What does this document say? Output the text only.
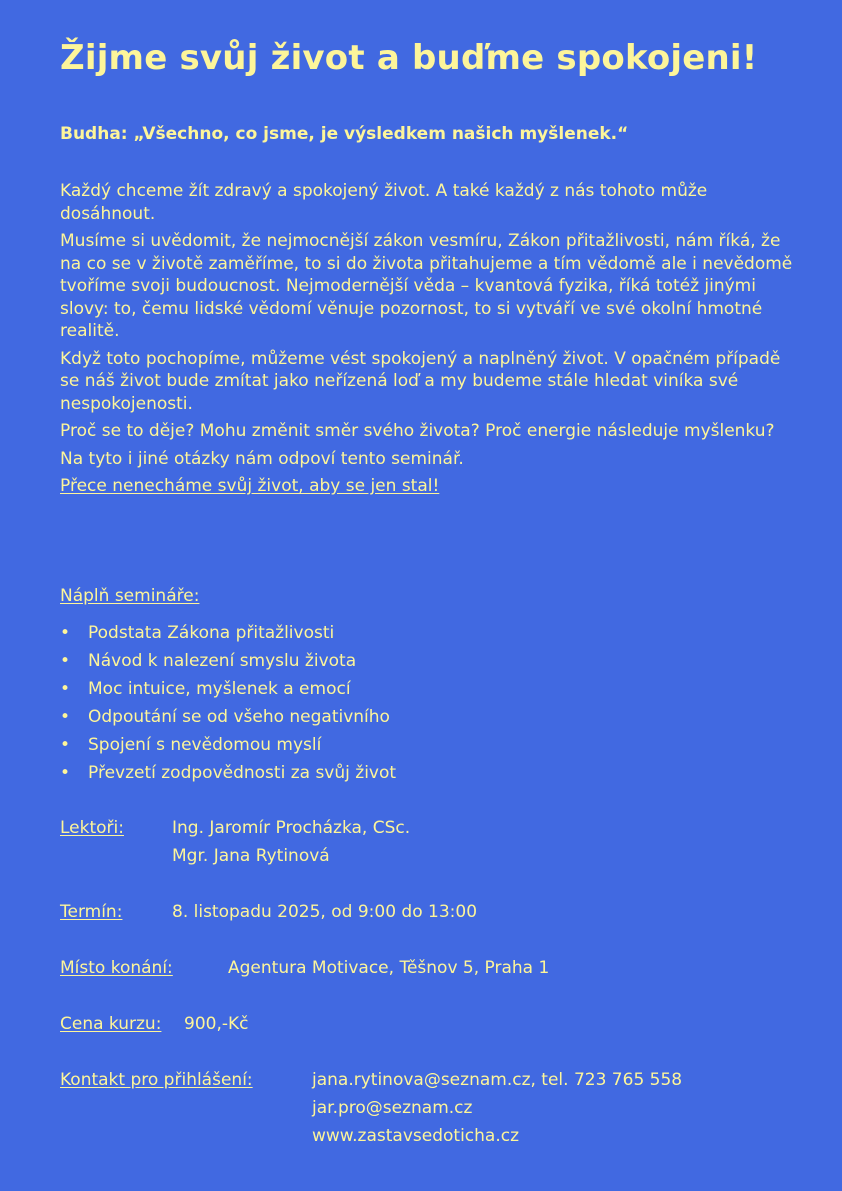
Žijme svůj život a buďme spokojeni!
Budha: „Všechno, co jsme, je výsledkem našich myšlenek.“

Každý chceme žít zdravý a spokojený život. A také každý z nás tohoto může dosáhnout.

Musíme si uvědomit, že nejmocnější zákon vesmíru, Zákon přitažlivosti, nám říká, že na co se v životě zaměříme, to si do života přitahujeme a tím vědomě ale i nevědomě tvoříme svoji budoucnost. Nejmodernější věda – kvantová fyzika, říká totéž jinými slovy: to, čemu lidské vědomí věnuje pozornost, to si vytváří ve své okolní hmotné realitě.

Když toto pochopíme, můžeme vést spokojený a naplněný život. V opačném případě se náš život bude zmítat jako neřízená loď a my budeme stále hledat viníka své nespokojenosti.

Proč se to děje? Mohu změnit směr svého života? Proč energie následuje myšlenku?

Na tyto i jiné otázky nám odpoví tento seminář.

Přece nenecháme svůj život, aby se jen stal!

Náplň semináře:
• Podstata Zákona přitažlivosti
• Návod k nalezení smyslu života
• Moc intuice, myšlenek a emocí
• Odpoutání se od všeho negativního
• Spojení s nevědomou myslí
• Převzetí zodpovědnosti za svůj život
Lektoři:	Ing. Jaromír Procházka, CSc.
Mgr. Jana Rytinová
Termín:	8. listopadu 2025, od 9:00 do 13:00
Místo konání:	Agentura Motivace, Těšnov 5, Praha 1
Cena kurzu: 900,-Kč
Kontakt pro přihlášení:	jana.rytinova@seznam.cz, tel. 723 765 558
jar.pro@seznam.cz
www.zastavsedoticha.cz
